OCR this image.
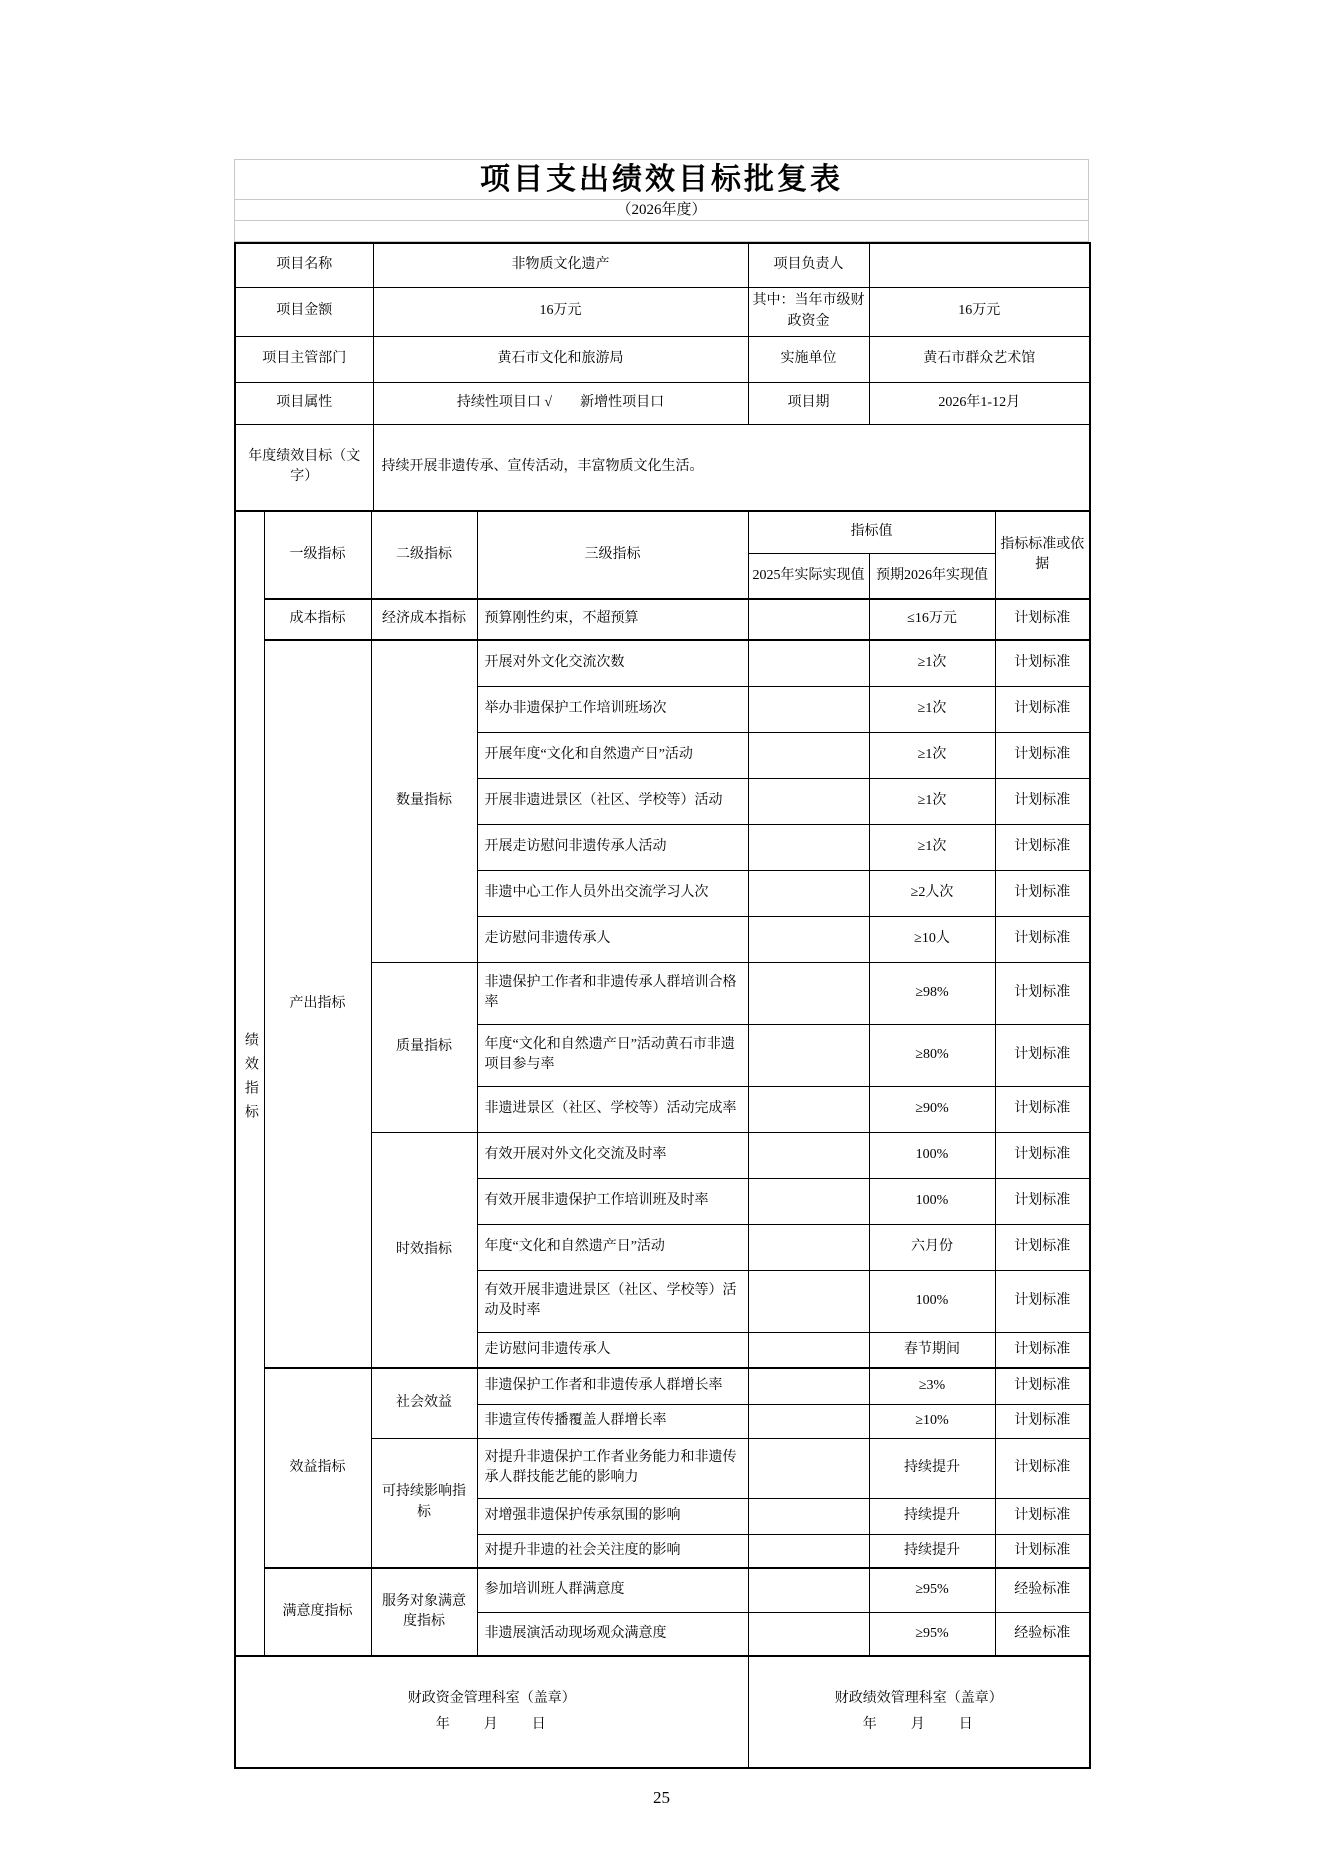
项目支出绩效目标批复表
（2026年度）
项目名称	非物质文化遗产	项目负责人	
项目金额	16万元	其中：当年市级财政资金	16万元
项目主管部门	黄石市文化和旅游局	实施单位	黄石市群众艺术馆
项目属性	持续性项目口 √　　新增性项目口	项目期	2026年1-12月
年度绩效目标（文字）	持续开展非遗传承、宣传活动，丰富物质文化生活。		
绩效指标	一级指标	二级指标	三级指标	指标值		指标标准或依据
				2025年实际实现值	预期2026年实现值	
	成本指标	经济成本指标	预算刚性约束，不超预算		≤16万元	计划标准
	产出指标	数量指标	开展对外文化交流次数		≥1次	计划标准
			举办非遗保护工作培训班场次		≥1次	计划标准
			开展年度“文化和自然遗产日”活动		≥1次	计划标准
			开展非遗进景区（社区、学校等）活动		≥1次	计划标准
			开展走访慰问非遗传承人活动		≥1次	计划标准
			非遗中心工作人员外出交流学习人次		≥2人次	计划标准
			走访慰问非遗传承人		≥10人	计划标准
		质量指标	非遗保护工作者和非遗传承人群培训合格率		≥98%	计划标准
			年度“文化和自然遗产日”活动黄石市非遗项目参与率		≥80%	计划标准
			非遗进景区（社区、学校等）活动完成率		≥90%	计划标准
		时效指标	有效开展对外文化交流及时率		100%	计划标准
			有效开展非遗保护工作培训班及时率		100%	计划标准
			年度“文化和自然遗产日”活动		六月份	计划标准
			有效开展非遗进景区（社区、学校等）活动及时率		100%	计划标准
			走访慰问非遗传承人		春节期间	计划标准
	效益指标	社会效益	非遗保护工作者和非遗传承人群增长率		≥3%	计划标准
			非遗宣传传播覆盖人群增长率		≥10%	计划标准
		可持续影响指标	对提升非遗保护工作者业务能力和非遗传承人群技能艺能的影响力		持续提升	计划标准
			对增强非遗保护传承氛围的影响		持续提升	计划标准
			对提升非遗的社会关注度的影响		持续提升	计划标准
	满意度指标	服务对象满意度指标	参加培训班人群满意度		≥95%	经验标准
			非遗展演活动现场观众满意度		≥95%	经验标准
财政资金管理科室（盖章）
年　　月　　日

财政绩效管理科室（盖章）
年　　月　　日
25
